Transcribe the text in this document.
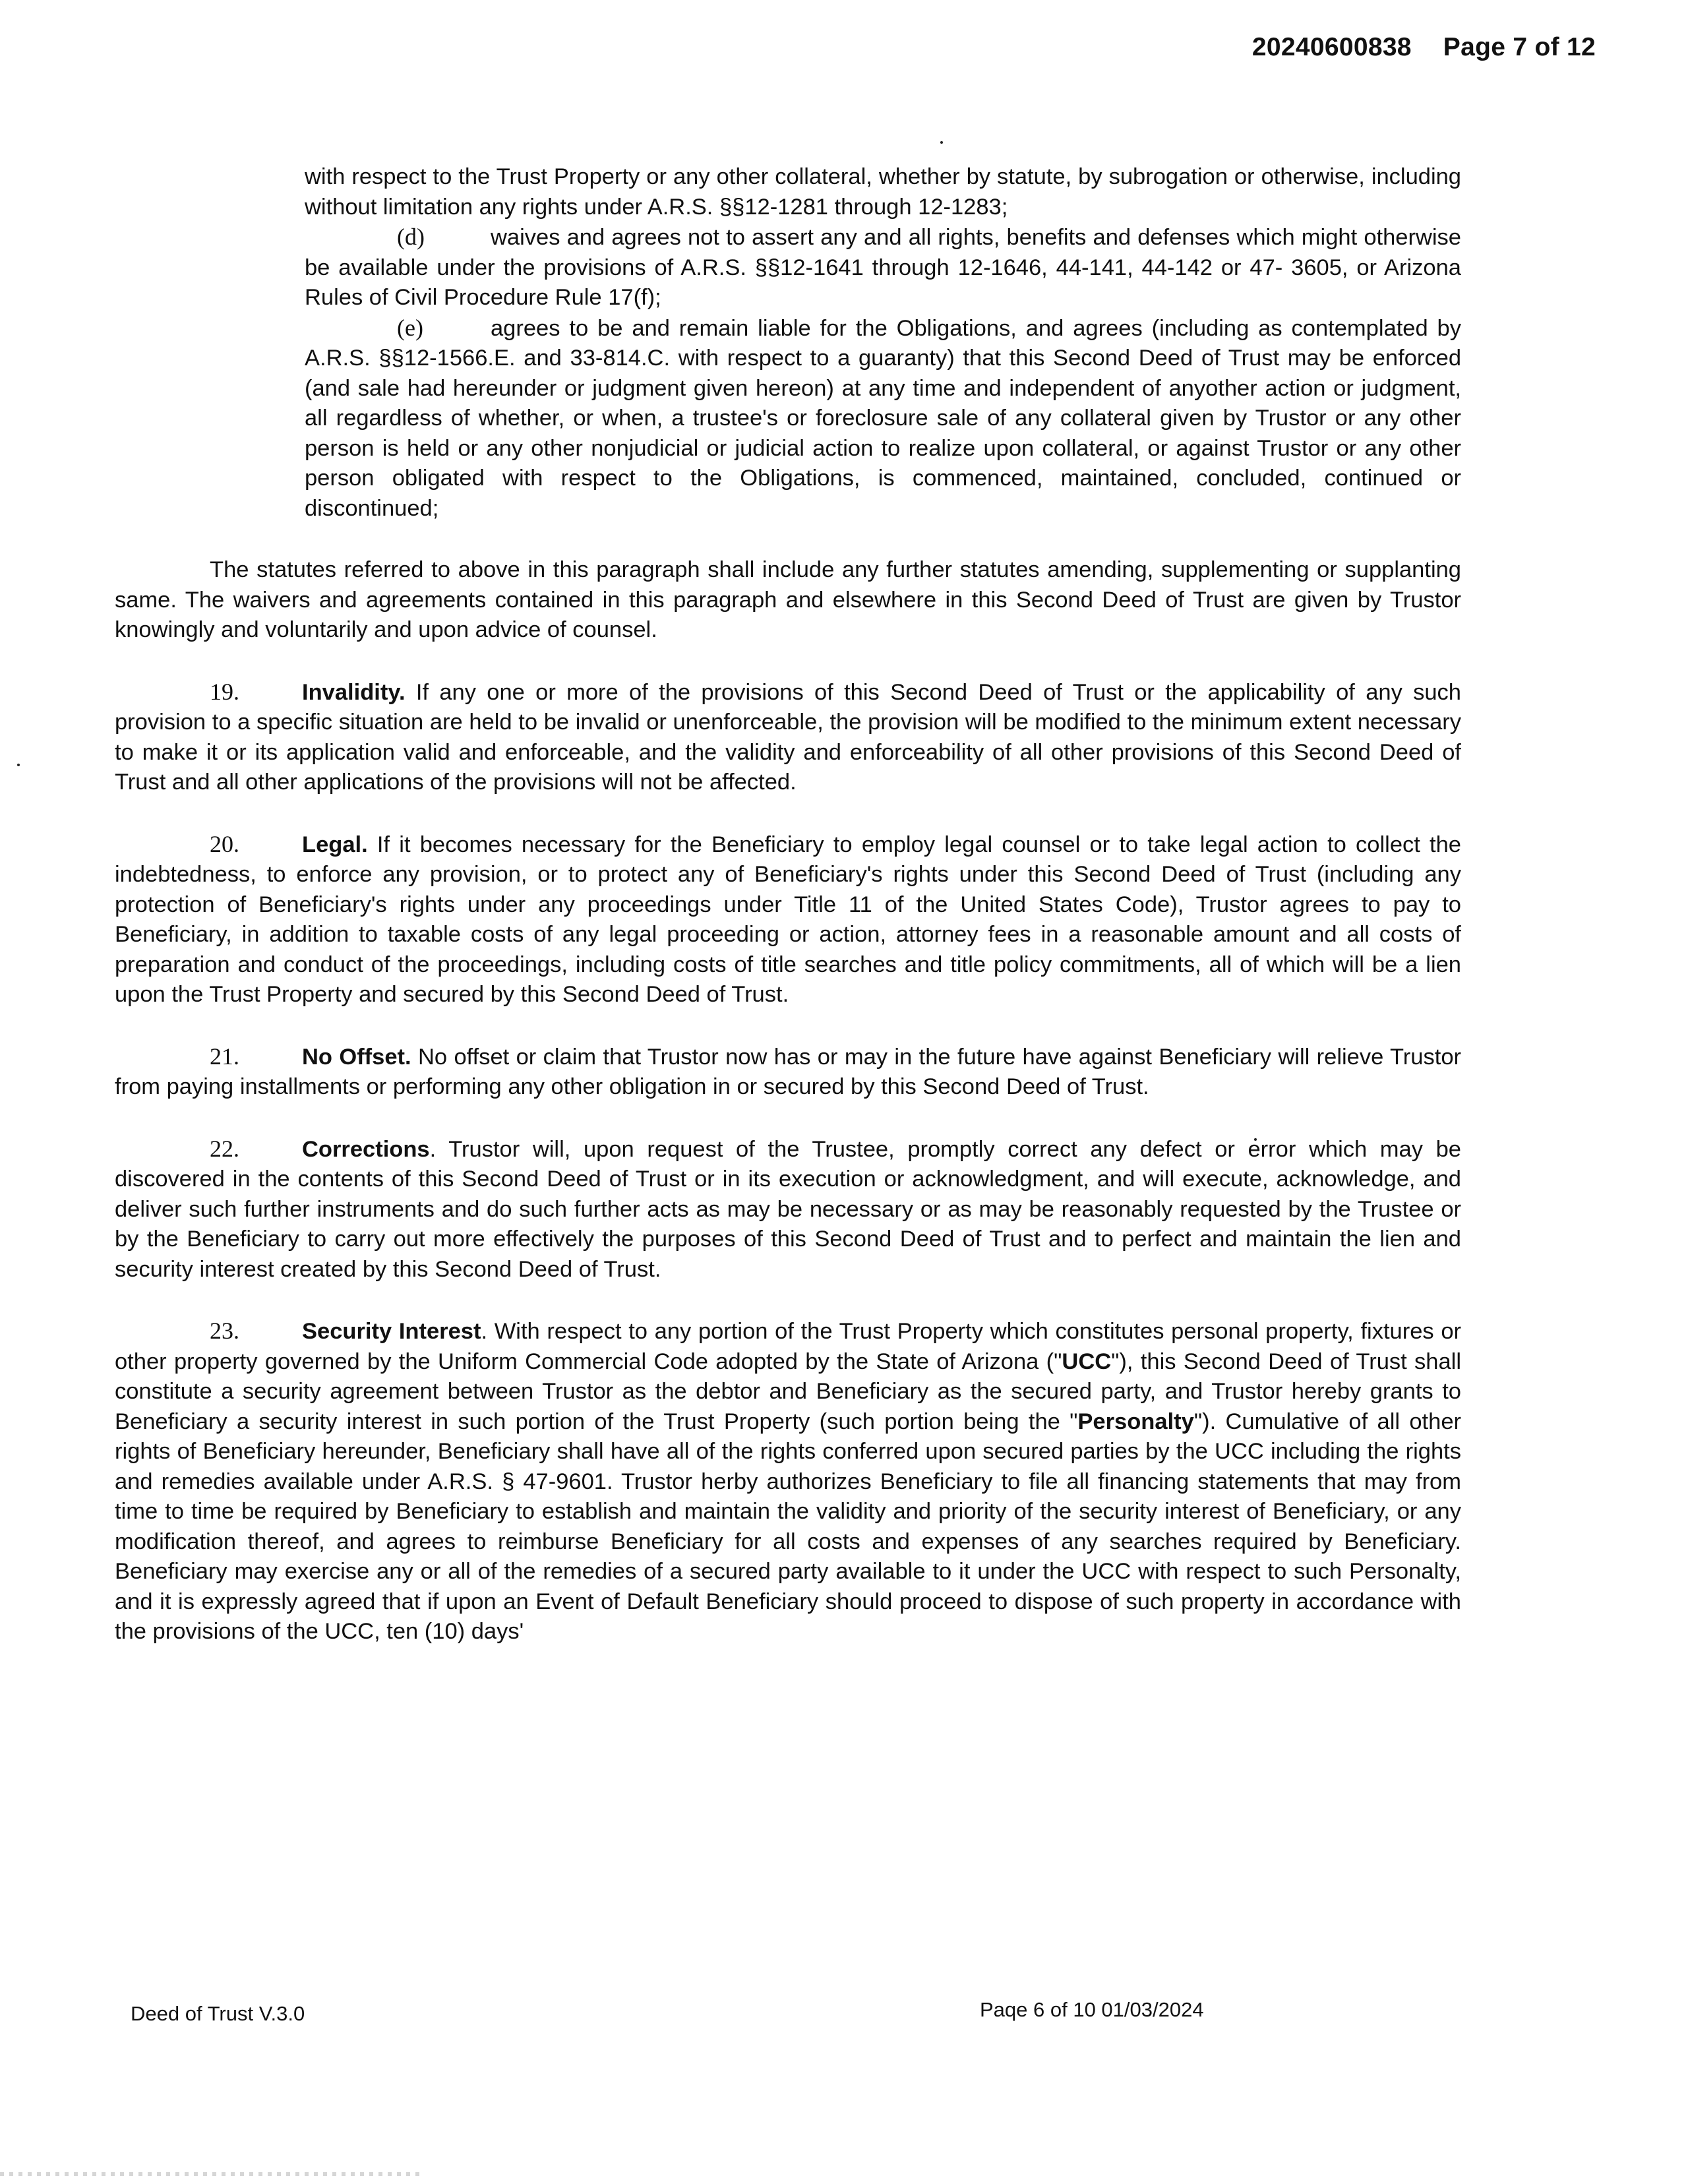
20240600838 Page 7 of 12

with respect to the Trust Property or any other collateral, whether by statute, by subrogation or otherwise, including without limitation any rights under A.R.S. §§12-1281 through 12-1283;

(d)	waives and agrees not to assert any and all rights, benefits and defenses which might otherwise be available under the provisions of A.R.S. §§12-1641 through 12-1646, 44-141, 44-142 or 47- 3605, or Arizona Rules of Civil Procedure Rule 17(f);

(e)	agrees to be and remain liable for the Obligations, and agrees (including as contemplated by A.R.S. §§12-1566.E. and 33-814.C. with respect to a guaranty) that this Second Deed of Trust may be enforced (and sale had hereunder or judgment given hereon) at any time and independent of anyother action or judgment, all regardless of whether, or when, a trustee's or foreclosure sale of any collateral given by Trustor or any other person is held or any other nonjudicial or judicial action to realize upon collateral, or against Trustor or any other person obligated with respect to the Obligations, is commenced, maintained, concluded, continued or discontinued;

The statutes referred to above in this paragraph shall include any further statutes amending, supplementing or supplanting same. The waivers and agreements contained in this paragraph and elsewhere in this Second Deed of Trust are given by Trustor knowingly and voluntarily and upon advice of counsel.

19.	Invalidity. If any one or more of the provisions of this Second Deed of Trust or the applicability of any such provision to a specific situation are held to be invalid or unenforceable, the provision will be modified to the minimum extent necessary to make it or its application valid and enforceable, and the validity and enforceability of all other provisions of this Second Deed of Trust and all other applications of the provisions will not be affected.

20.	Legal. If it becomes necessary for the Beneficiary to employ legal counsel or to take legal action to collect the indebtedness, to enforce any provision, or to protect any of Beneficiary's rights under this Second Deed of Trust (including any protection of Beneficiary's rights under any proceedings under Title 11 of the United States Code), Trustor agrees to pay to Beneficiary, in addition to taxable costs of any legal proceeding or action, attorney fees in a reasonable amount and all costs of preparation and conduct of the proceedings, including costs of title searches and title policy commitments, all of which will be a lien upon the Trust Property and secured by this Second Deed of Trust.

21.	No Offset. No offset or claim that Trustor now has or may in the future have against Beneficiary will relieve Trustor from paying installments or performing any other obligation in or secured by this Second Deed of Trust.

22.	Corrections. Trustor will, upon request of the Trustee, promptly correct any defect or error which may be discovered in the contents of this Second Deed of Trust or in its execution or acknowledgment, and will execute, acknowledge, and deliver such further instruments and do such further acts as may be necessary or as may be reasonably requested by the Trustee or by the Beneficiary to carry out more effectively the purposes of this Second Deed of Trust and to perfect and maintain the lien and security interest created by this Second Deed of Trust.

23.	Security Interest. With respect to any portion of the Trust Property which constitutes personal property, fixtures or other property governed by the Uniform Commercial Code adopted by the State of Arizona ("UCC"), this Second Deed of Trust shall constitute a security agreement between Trustor as the debtor and Beneficiary as the secured party, and Trustor hereby grants to Beneficiary a security interest in such portion of the Trust Property (such portion being the "Personalty"). Cumulative of all other rights of Beneficiary hereunder, Beneficiary shall have all of the rights conferred upon secured parties by the UCC including the rights and remedies available under A.R.S. § 47-9601. Trustor herby authorizes Beneficiary to file all financing statements that may from time to time be required by Beneficiary to establish and maintain the validity and priority of the security interest of Beneficiary, or any modification thereof, and agrees to reimburse Beneficiary for all costs and expenses of any searches required by Beneficiary. Beneficiary may exercise any or all of the remedies of a secured party available to it under the UCC with respect to such Personalty, and it is expressly agreed that if upon an Event of Default Beneficiary should proceed to dispose of such property in accordance with the provisions of the UCC, ten (10) days'

Deed of Trust V.3.0	Paqe 6 of 10 01/03/2024
